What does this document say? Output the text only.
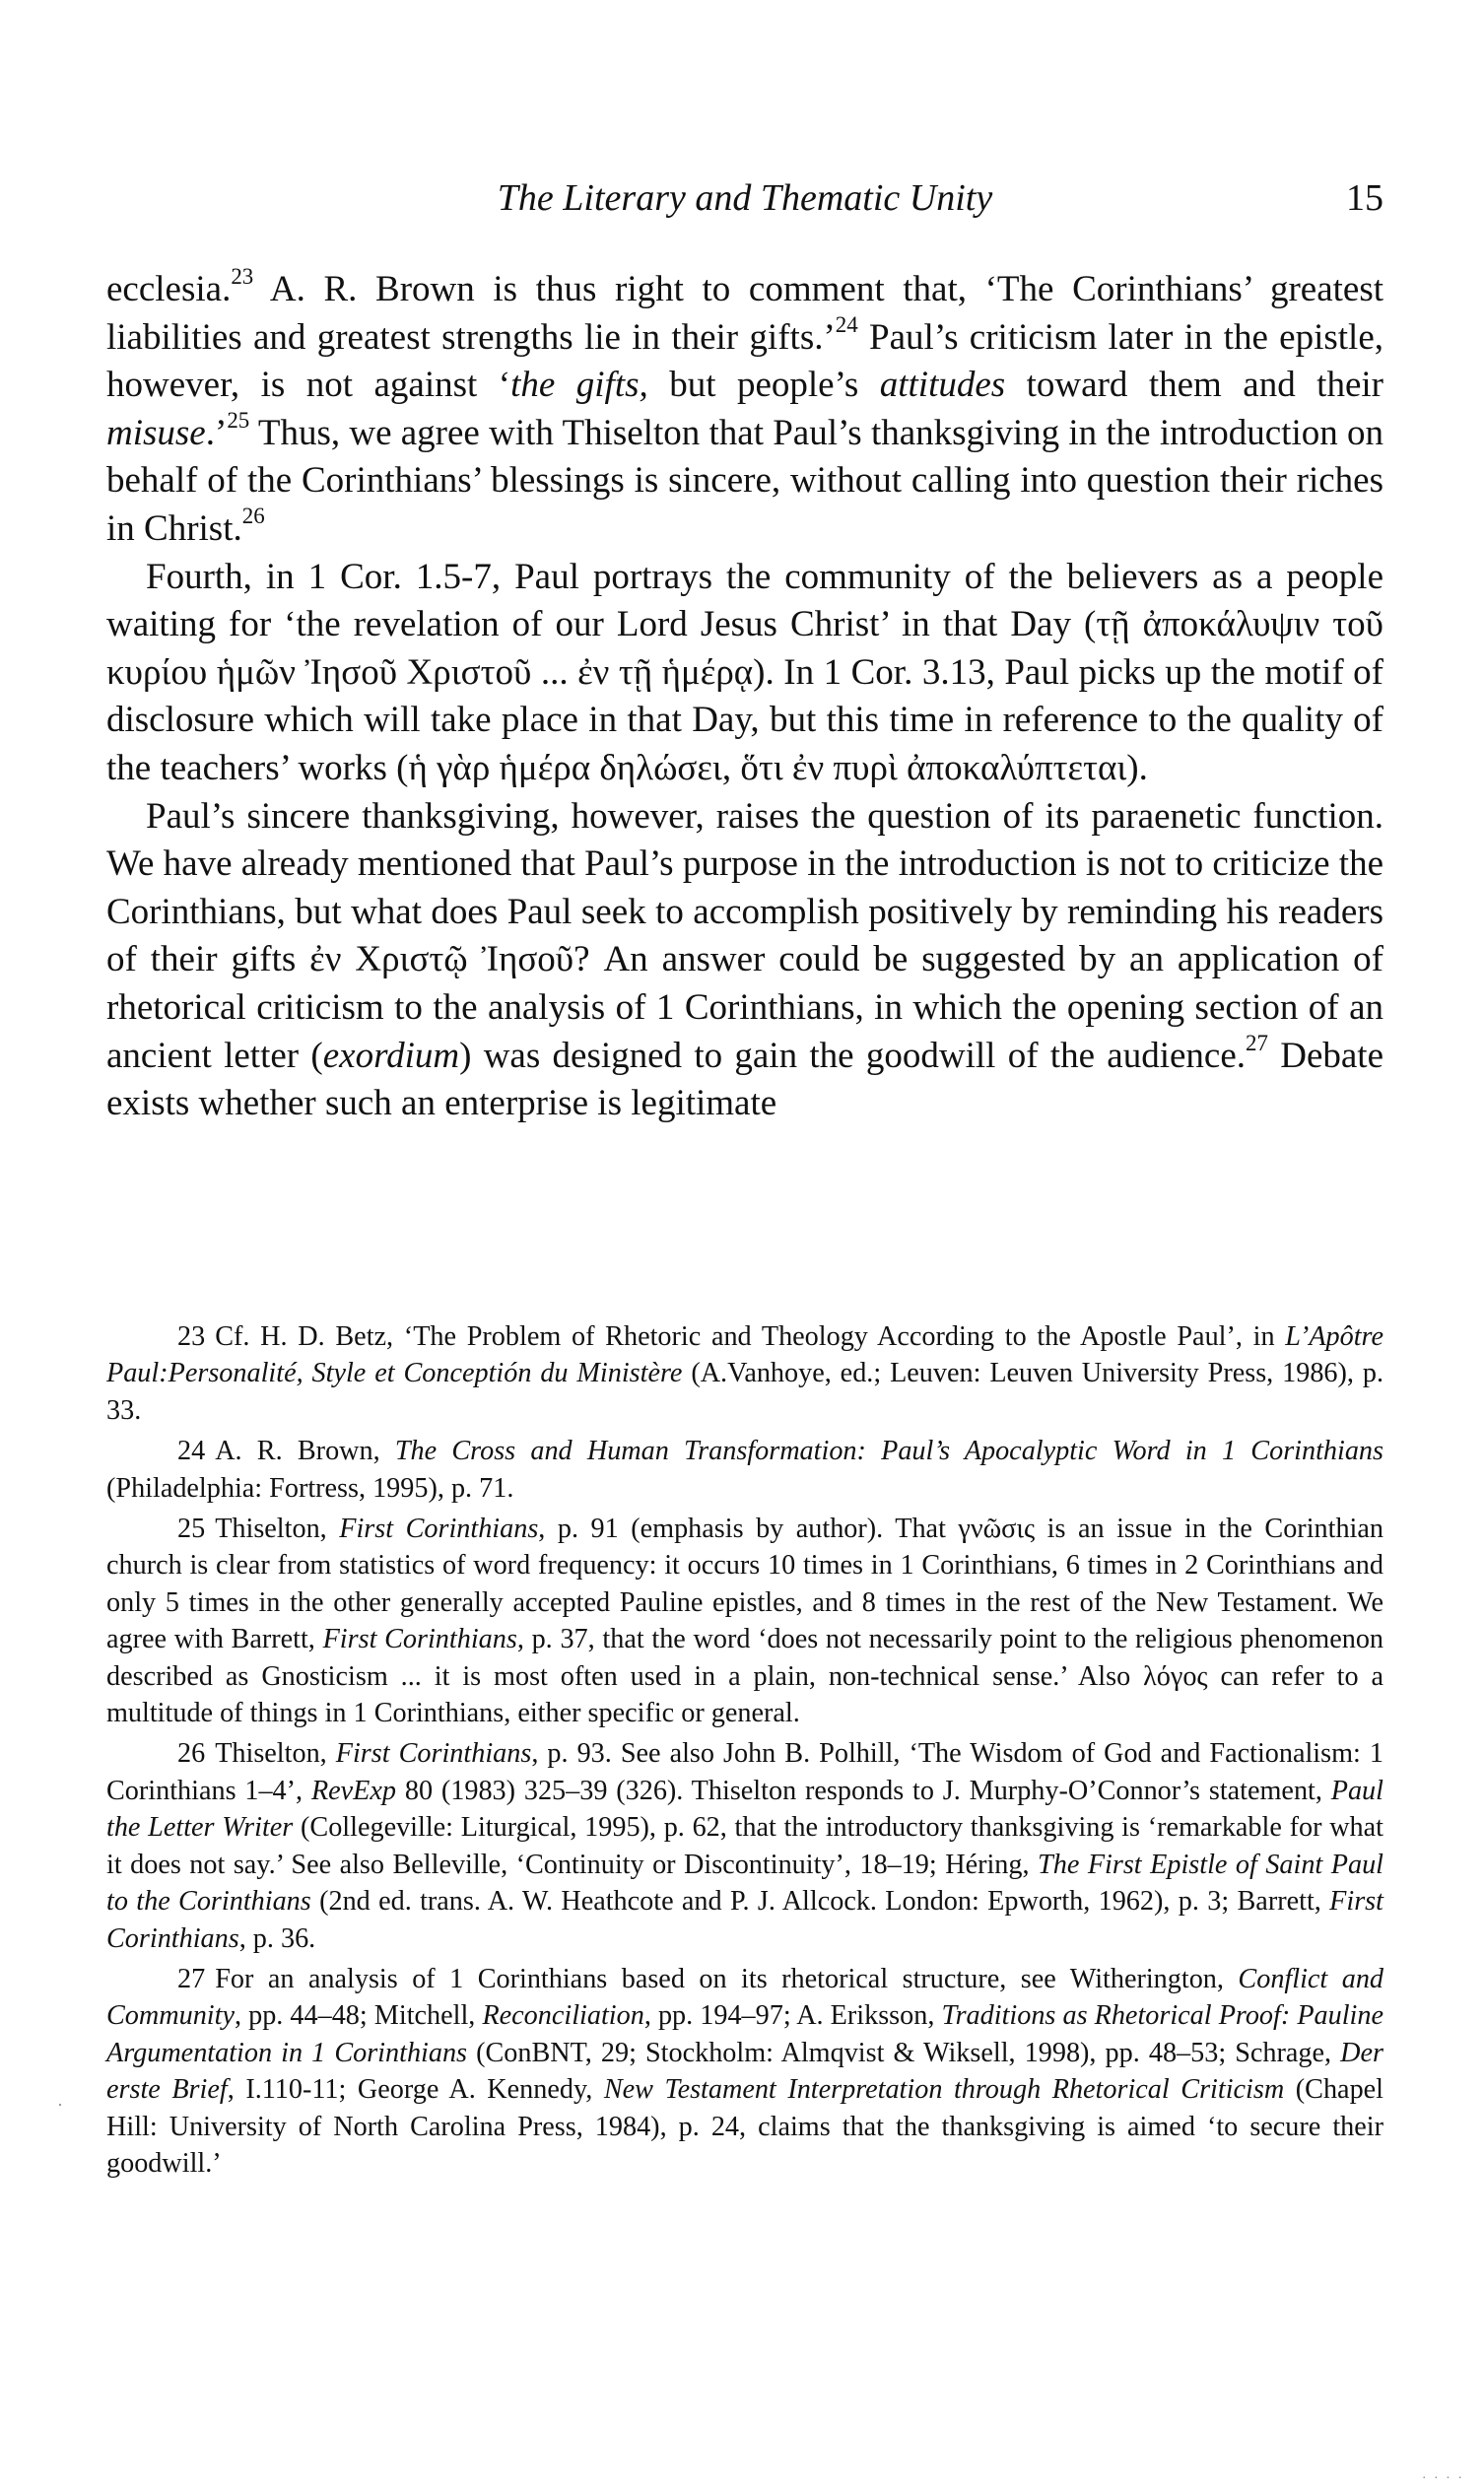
The Literary and Thematic Unity	15

ecclesia.$^{23}$ A. R. Brown is thus right to comment that, ‘The Corinthians’ greatest liabilities and greatest strengths lie in their gifts.’$^{24}$ Paul’s criticism later in the epistle, however, is not against ‘the gifts, but people’s attitudes toward them and their misuse.’$^{25}$ Thus, we agree with Thiselton that Paul’s thanksgiving in the introduction on behalf of the Corinthians’ blessings is sincere, without calling into question their riches in Christ.$^{26}$

Fourth, in 1 Cor. 1.5-7, Paul portrays the community of the believers as a people waiting for ‘the revelation of our Lord Jesus Christ’ in that Day (τῇ ἀποκάλυψιν τοῦ κυρίου ἡμῶν Ἰησοῦ Χριστοῦ ... ἐν τῇ ἡμέρᾳ). In 1 Cor. 3.13, Paul picks up the motif of disclosure which will take place in that Day, but this time in reference to the quality of the teachers’ works (ἡ γὰρ ἡμέρα δηλώσει, ὅτι ἐν πυρὶ ἀποκαλύπτεται).

Paul’s sincere thanksgiving, however, raises the question of its paraenetic function. We have already mentioned that Paul’s purpose in the introduction is not to criticize the Corinthians, but what does Paul seek to accomplish positively by reminding his readers of their gifts ἐν Χριστῷ Ἰησοῦ? An answer could be suggested by an application of rhetorical criticism to the analysis of 1 Corinthians, in which the opening section of an ancient letter (exordium) was designed to gain the goodwill of the audience.$^{27}$ Debate exists whether such an enterprise is legitimate

23 Cf. H. D. Betz, ‘The Problem of Rhetoric and Theology According to the Apostle Paul’, in L’Apôtre Paul:Personalité, Style et Conceptión du Ministère (A.Vanhoye, ed.; Leuven: Leuven University Press, 1986), p. 33.

24 A. R. Brown, The Cross and Human Transformation: Paul’s Apocalyptic Word in 1 Corinthians (Philadelphia: Fortress, 1995), p. 71.

25 Thiselton, First Corinthians, p. 91 (emphasis by author). That γνῶσις is an issue in the Corinthian church is clear from statistics of word frequency: it occurs 10 times in 1 Corinthians, 6 times in 2 Corinthians and only 5 times in the other generally accepted Pauline epistles, and 8 times in the rest of the New Testament. We agree with Barrett, First Corinthians, p. 37, that the word ‘does not necessarily point to the religious phenomenon described as Gnosticism ... it is most often used in a plain, non-technical sense.’ Also λόγος can refer to a multitude of things in 1 Corinthians, either specific or general.

26 Thiselton, First Corinthians, p. 93. See also John B. Polhill, ‘The Wisdom of God and Factionalism: 1 Corinthians 1–4’, RevExp 80 (1983) 325–39 (326). Thiselton responds to J. Murphy-O’Connor’s statement, Paul the Letter Writer (Collegeville: Liturgical, 1995), p. 62, that the introductory thanksgiving is ‘remarkable for what it does not say.’ See also Belleville, ‘Continuity or Discontinuity’, 18–19; Héring, The First Epistle of Saint Paul to the Corinthians (2nd ed. trans. A. W. Heathcote and P. J. Allcock. London: Epworth, 1962), p. 3; Barrett, First Corinthians, p. 36.

27 For an analysis of 1 Corinthians based on its rhetorical structure, see Witherington, Conflict and Community, pp. 44–48; Mitchell, Reconciliation, pp. 194–97; A. Eriksson, Traditions as Rhetorical Proof: Pauline Argumentation in 1 Corinthians (ConBNT, 29; Stockholm: Almqvist & Wiksell, 1998), pp. 48–53; Schrage, Der erste Brief, I.110-11; George A. Kennedy, New Testament Interpretation through Rhetorical Criticism (Chapel Hill: University of North Carolina Press, 1984), p. 24, claims that the thanksgiving is aimed ‘to secure their goodwill.’

·
· · · ·
